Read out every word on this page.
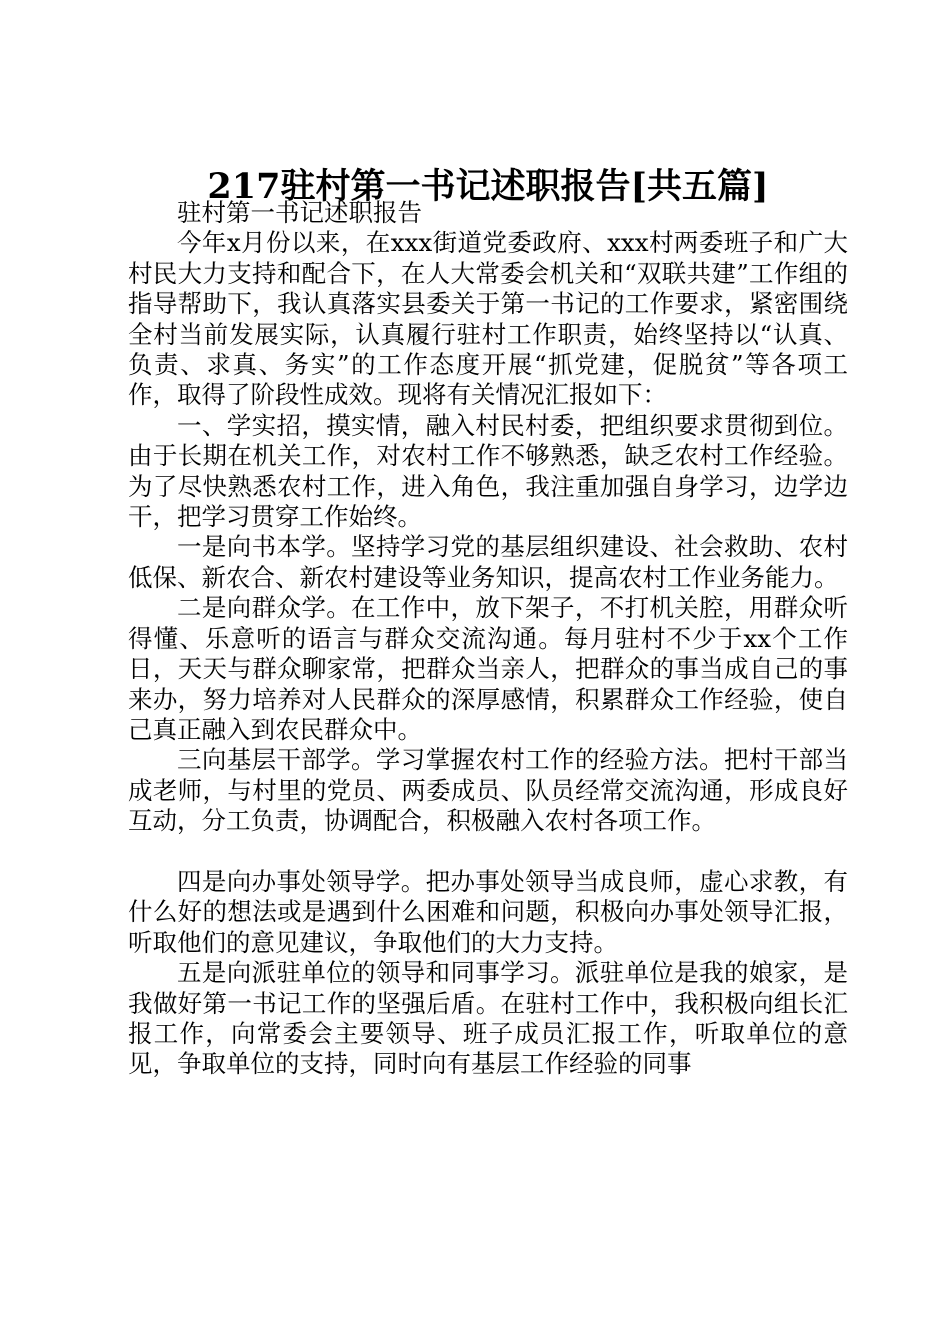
217驻村第一书记述职报告[共五篇]

驻村第一书记述职报告

今年x月份以来，在xxx街道党委政府、xxx村两委班子和广大村民大力支持和配合下，在人大常委会机关和“双联共建”工作组的指导帮助下，我认真落实县委关于第一书记的工作要求，紧密围绕全村当前发展实际，认真履行驻村工作职责，始终坚持以“认真、负责、求真、务实”的工作态度开展“抓党建，促脱贫”等各项工作，取得了阶段性成效。现将有关情况汇报如下：

一、学实招，摸实情，融入村民村委，把组织要求贯彻到位。由于长期在机关工作，对农村工作不够熟悉，缺乏农村工作经验。为了尽快熟悉农村工作，进入角色，我注重加强自身学习，边学边干，把学习贯穿工作始终。

一是向书本学。坚持学习党的基层组织建设、社会救助、农村低保、新农合、新农村建设等业务知识，提高农村工作业务能力。

二是向群众学。在工作中，放下架子，不打机关腔，用群众听得懂、乐意听的语言与群众交流沟通。每月驻村不少于xx个工作日，天天与群众聊家常，把群众当亲人，把群众的事当成自己的事来办，努力培养对人民群众的深厚感情，积累群众工作经验，使自己真正融入到农民群众中。

三向基层干部学。学习掌握农村工作的经验方法。把村干部当成老师，与村里的党员、两委成员、队员经常交流沟通，形成良好互动，分工负责，协调配合，积极融入农村各项工作。

四是向办事处领导学。把办事处领导当成良师，虚心求教，有什么好的想法或是遇到什么困难和问题，积极向办事处领导汇报，听取他们的意见建议，争取他们的大力支持。

五是向派驻单位的领导和同事学习。派驻单位是我的娘家，是我做好第一书记工作的坚强后盾。在驻村工作中，我积极向组长汇报工作，向常委会主要领导、班子成员汇报工作，听取单位的意见，争取单位的支持，同时向有基层工作经验的同事
